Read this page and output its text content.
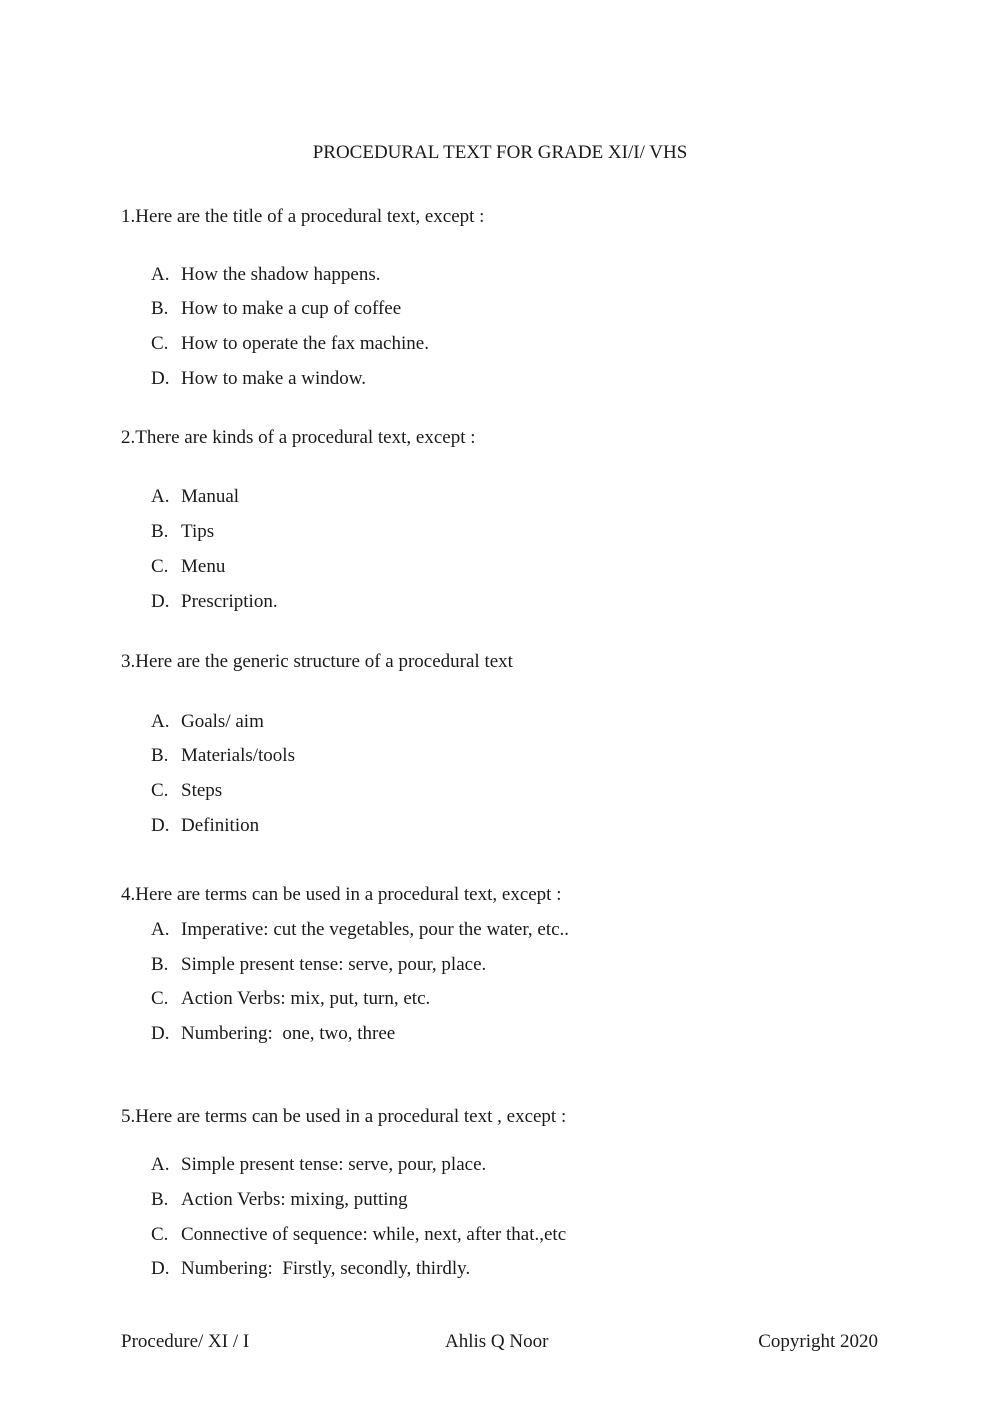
PROCEDURAL TEXT FOR GRADE XI/I/ VHS
1.Here are the title of a procedural text, except :
A. How the shadow happens.
B. How to make a cup of coffee
C. How to operate the fax machine.
D. How to make a window.
2.There are kinds of a procedural text, except :
A. Manual
B. Tips
C. Menu
D. Prescription.
3.Here are the generic structure of a procedural text
A. Goals/ aim
B. Materials/tools
C. Steps
D. Definition
4.Here are terms can be used in a procedural text, except :
A. Imperative: cut the vegetables, pour the water, etc..
B. Simple present tense: serve, pour, place.
C. Action Verbs: mix, put, turn, etc.
D. Numbering:  one, two, three
5.Here are terms can be used in a procedural text , except :
A. Simple present tense: serve, pour, place.
B. Action Verbs: mixing, putting
C. Connective of sequence: while, next, after that.,etc
D. Numbering:  Firstly, secondly, thirdly.
Procedure/ XI / I	Ahlis Q Noor	Copyright 2020
